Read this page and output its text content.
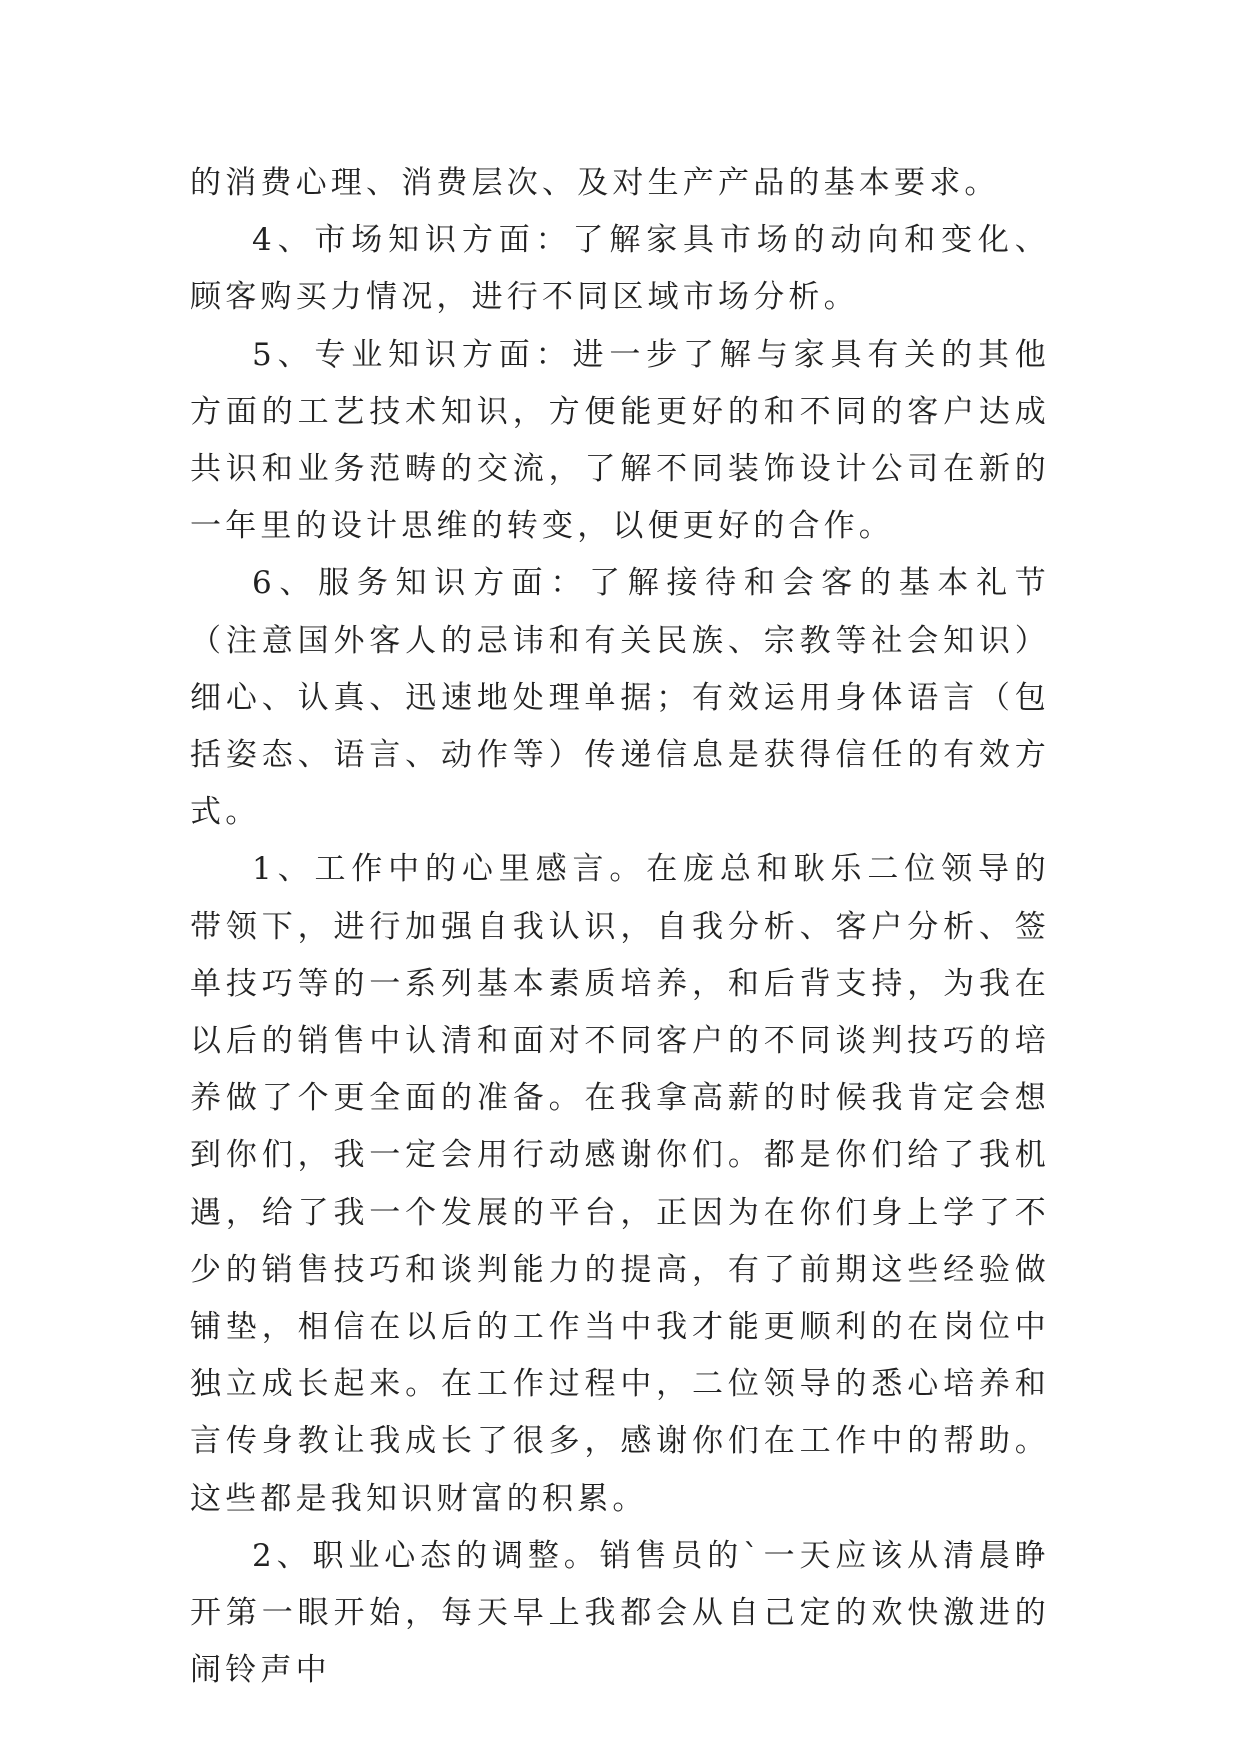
的消费心理、消费层次、及对生产产品的基本要求。

4、市场知识方面：了解家具市场的动向和变化、顾客购买力情况，进行不同区域市场分析。

5、专业知识方面：进一步了解与家具有关的其他方面的工艺技术知识，方便能更好的和不同的客户达成共识和业务范畴的交流，了解不同装饰设计公司在新的一年里的设计思维的转变，以便更好的合作。

6、服务知识方面：了解接待和会客的基本礼节（注意国外客人的忌讳和有关民族、宗教等社会知识）细心、认真、迅速地处理单据；有效运用身体语言（包括姿态、语言、动作等）传递信息是获得信任的有效方式。

1、工作中的心里感言。在庞总和耿乐二位领导的带领下，进行加强自我认识，自我分析、客户分析、签单技巧等的一系列基本素质培养，和后背支持，为我在以后的销售中认清和面对不同客户的不同谈判技巧的培养做了个更全面的准备。在我拿高薪的时候我肯定会想到你们，我一定会用行动感谢你们。都是你们给了我机遇，给了我一个发展的平台，正因为在你们身上学了不少的销售技巧和谈判能力的提高，有了前期这些经验做铺垫，相信在以后的工作当中我才能更顺利的在岗位中独立成长起来。在工作过程中，二位领导的悉心培养和言传身教让我成长了很多，感谢你们在工作中的帮助。这些都是我知识财富的积累。

2、职业心态的调整。销售员的`一天应该从清晨睁开第一眼开始，每天早上我都会从自己定的欢快激进的闹铃声中
